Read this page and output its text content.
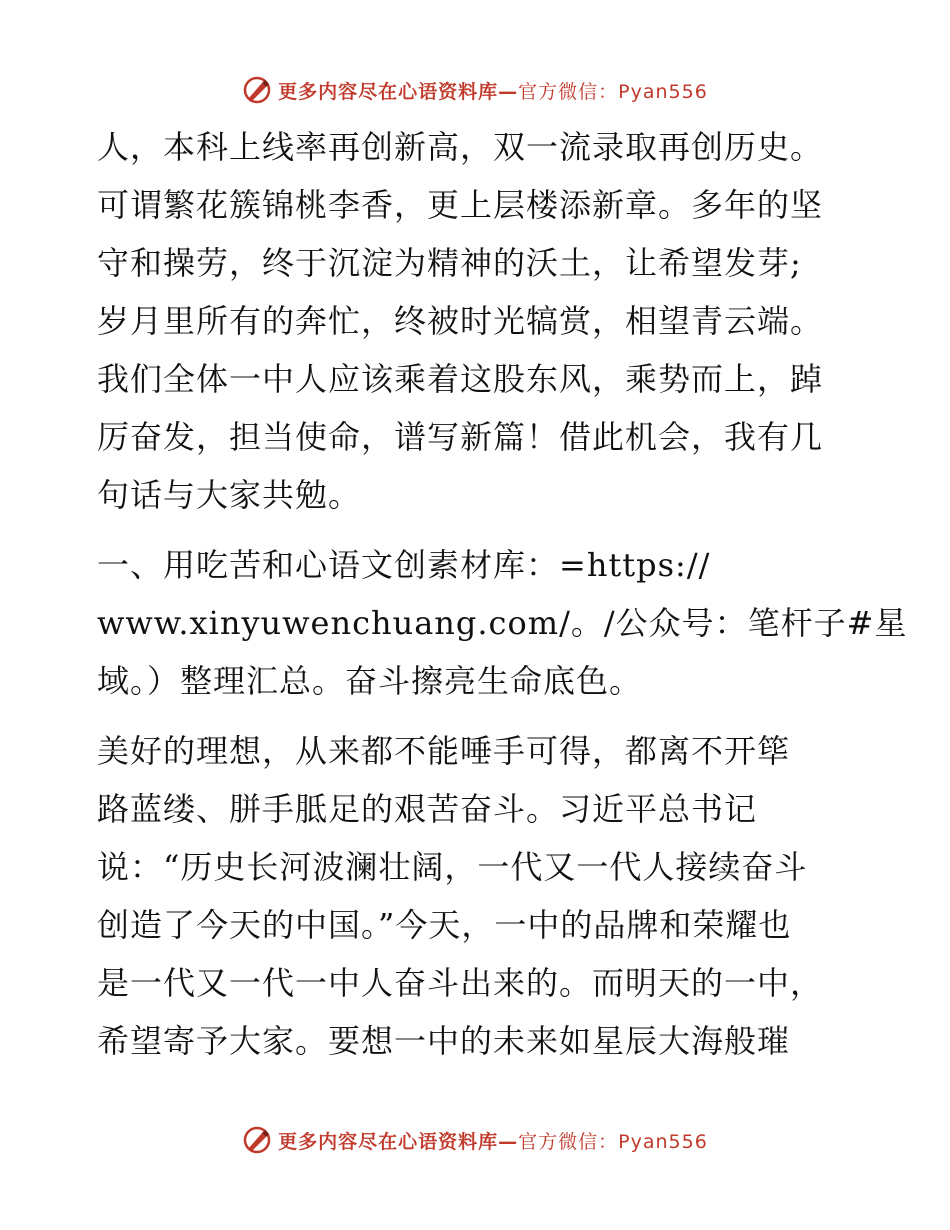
更多内容尽在心语资料库—官方微信：Pyan556
人，本科上线率再创新高，双一流录取再创历史。
可谓繁花簇锦桃李香，更上层楼添新章。多年的坚
守和操劳，终于沉淀为精神的沃土，让希望发芽;
岁月里所有的奔忙，终被时光犒赏，相望青云端。
我们全体一中人应该乘着这股东风，乘势而上，踔
厉奋发，担当使命，谱写新篇！借此机会，我有几
句话与大家共勉。
一、用吃苦和心语文创素材库：=https://
www.xinyuwenchuang.com/。/公众号：笔杆子#星
域。）整理汇总。奋斗擦亮生命底色。
美好的理想，从来都不能唾手可得，都离不开筚
路蓝缕、胼手胝足的艰苦奋斗。习近平总书记
说：“历史长河波澜壮阔，一代又一代人接续奋斗
创造了今天的中国。”今天，一中的品牌和荣耀也
是一代又一代一中人奋斗出来的。而明天的一中，
希望寄予大家。要想一中的未来如星辰大海般璀
更多内容尽在心语资料库—官方微信：Pyan556
